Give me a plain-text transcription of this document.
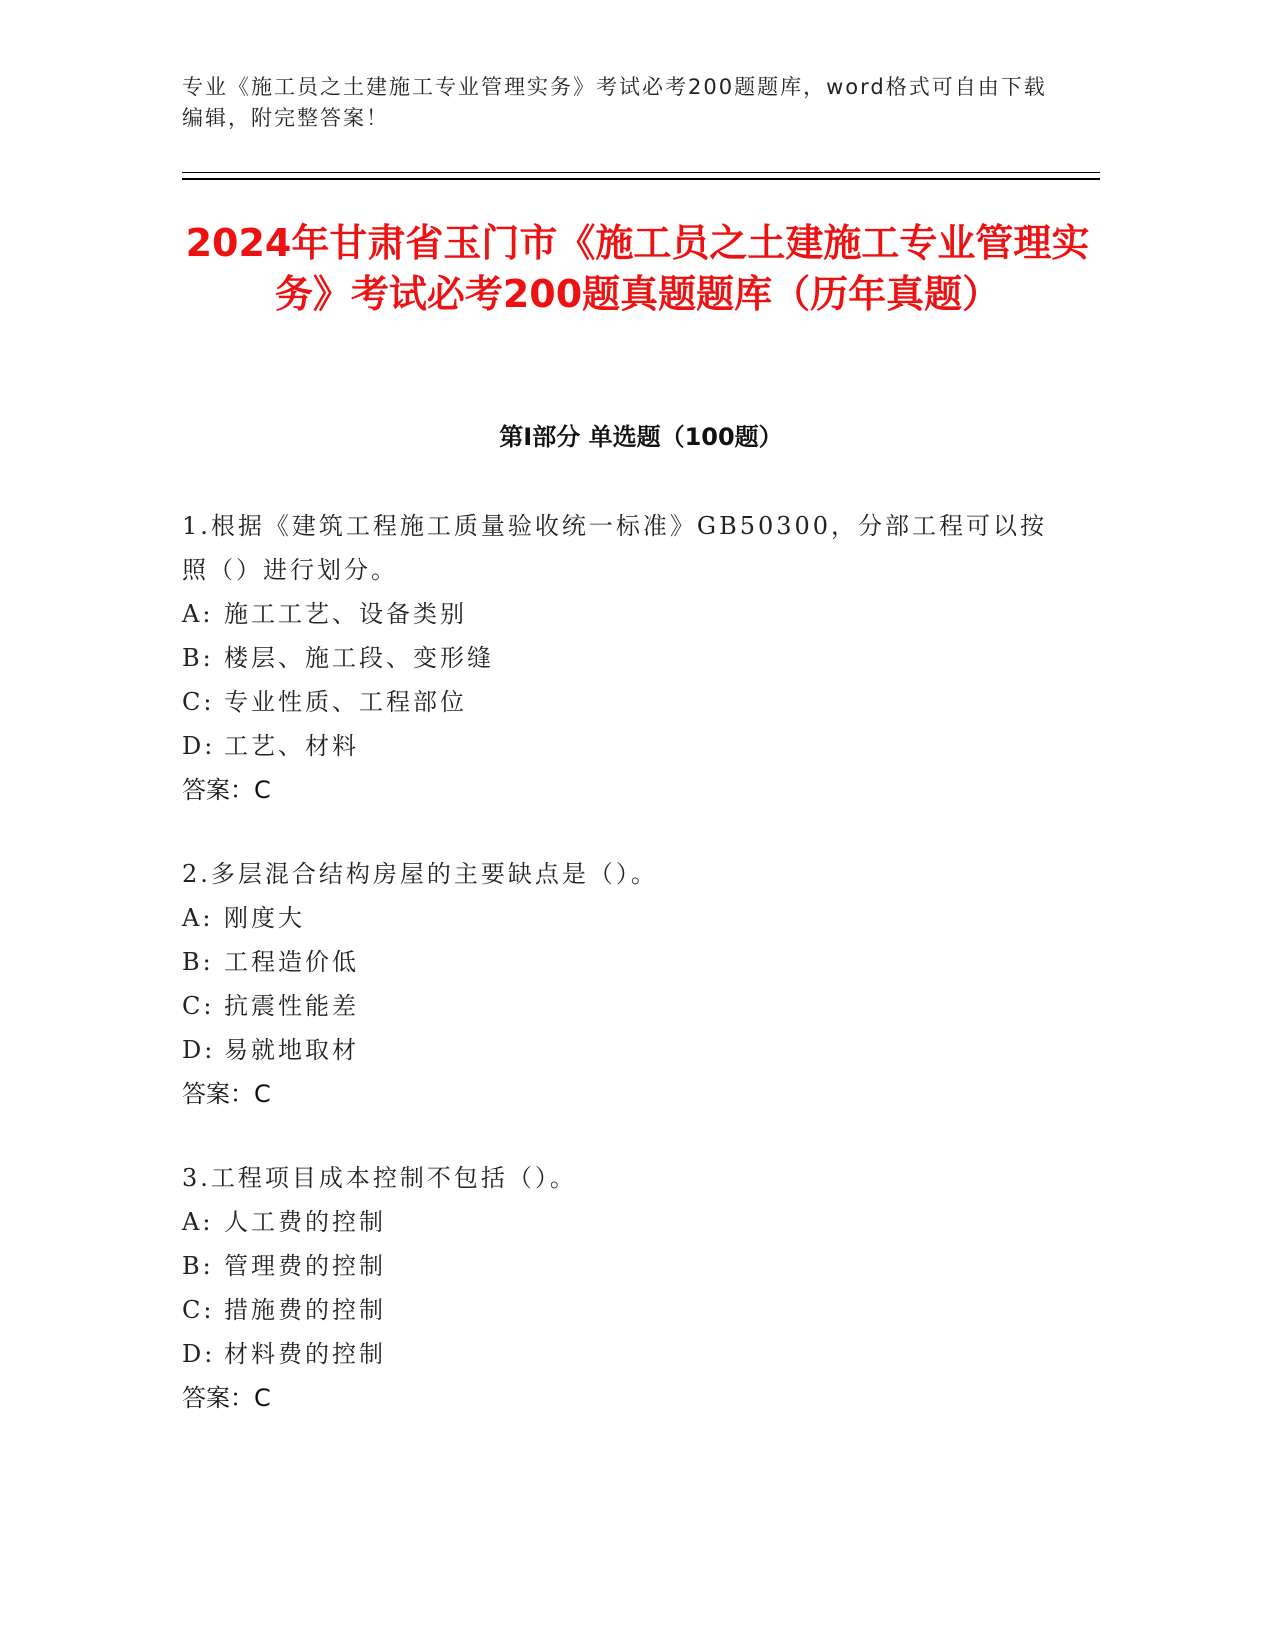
专业《施工员之土建施工专业管理实务》考试必考200题题库，word格式可自由下载编辑，附完整答案！

2024年甘肃省玉门市《施工员之土建施工专业管理实务》考试必考200题真题题库（历年真题）
第I部分 单选题（100题）

1.根据《建筑工程施工质量验收统一标准》GB50300，分部工程可以按照（）进行划分。

A: 施工工艺、设备类别
B: 楼层、施工段、变形缝
C: 专业性质、工程部位
D: 工艺、材料

答案：C

2.多层混合结构房屋的主要缺点是（）。

A: 刚度大
B: 工程造价低
C: 抗震性能差
D: 易就地取材

答案：C

3.工程项目成本控制不包括（）。

A: 人工费的控制
B: 管理费的控制
C: 措施费的控制
D: 材料费的控制

答案：C
